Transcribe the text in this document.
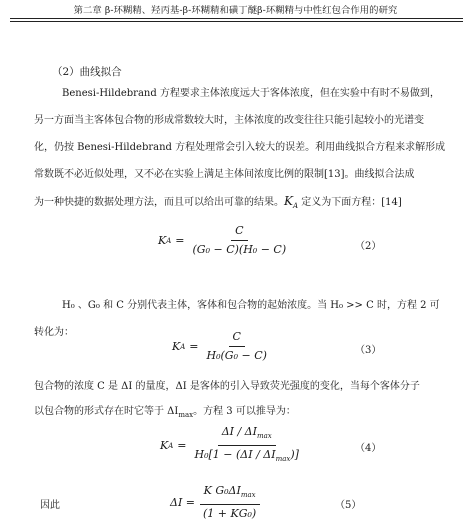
第二章 β-环糊精、羟丙基-β-环糊精和磺丁醚β-环糊精与中性红包合作用的研究
（2）曲线拟合
Benesi-Hildebrand 方程要求主体浓度远大于客体浓度，但在实验中有时不易做到，
另一方面当主客体包合物的形成常数较大时，主体浓度的改变往往只能引起较小的光谱变
化，仍按 Benesi-Hildebrand 方程处理常会引入较大的误差。利用曲线拟合方程来求解形成
常数既不必近似处理，又不必在实验上满足主体间浓度比例的限制[13]。曲线拟合法成
为一种快捷的数据处理方法，而且可以给出可靠的结果。$K_A$ 定义为下面方程：[14]
K $A = \frac{C}{\text{(G₀ − C)(H₀ − C)}}$	（2）
H₀ 、G₀ 和 C 分别代表主体，客体和包合物的起始浓度。当 H₀ >> C 时，方程 2 可
转化为：
K $A = \frac{C}{\text{H₀(G₀ − C)}}$	（3）
包合物的浓度 C 是 ΔI 的量度，ΔI 是客体的引入导致荧光强度的变化，当每个客体分子
以包合物的形式存在时它等于 $\Delta I_{max}$。方程 3 可以推导为：
K $A = \frac{\Delta I / \Delta I_{max}}{H_0[1 - (\Delta I / \Delta I_{max})]}$	（4）
因此	$\Delta I = \frac{K G_0\Delta I_{max}}{\text{(1 + KG₀)}}$	（5）
